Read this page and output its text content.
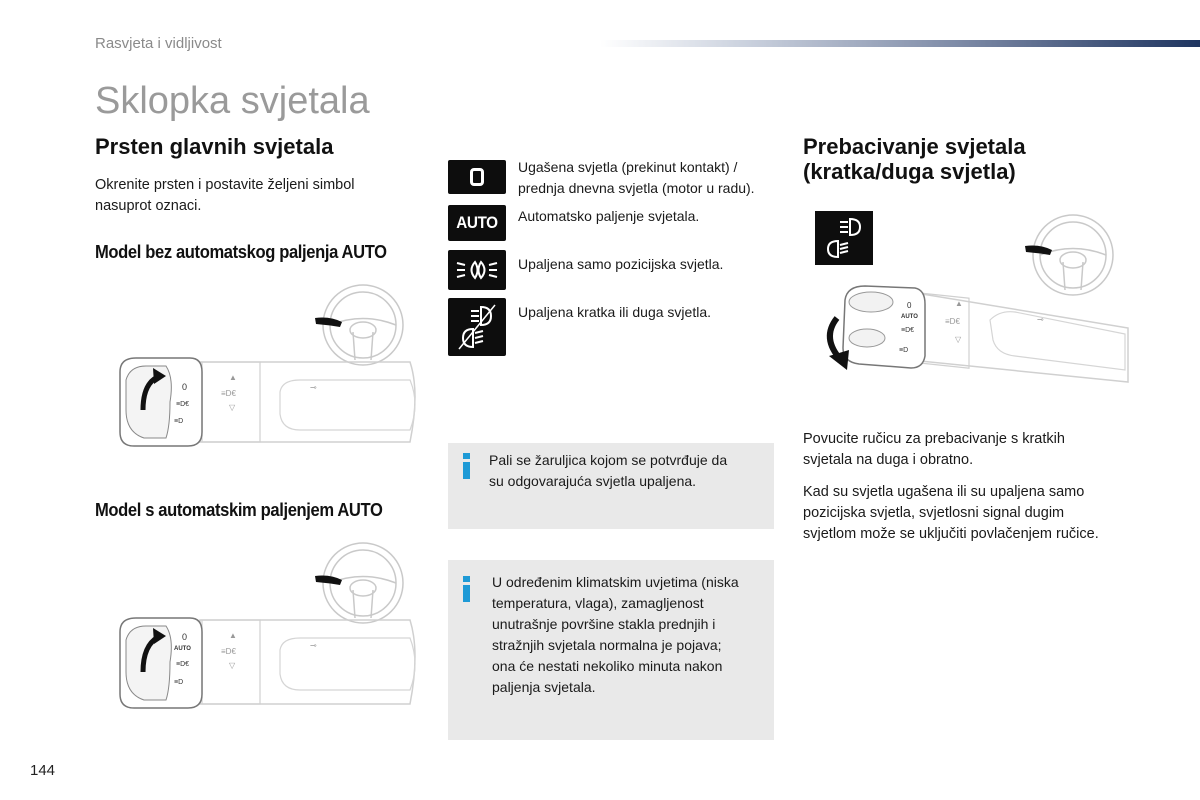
Rasvjeta i vidljivost
Sklopka svjetala
Prsten glavnih svjetala
Okrenite prsten i postavite željeni simbol
nasuprot oznaci.
Model bez automatskog paljenja AUTO
0
≡D€
≡D
▲
≡D€
▽
⊸
Model s automatskim paljenjem AUTO
0
AUTO
≡D€
≡D
▲
≡D€
▽
⊸
Ugašena svjetla (prekinut kontakt) /
prednja dnevna svjetla (motor u radu).
AUTO Automatsko paljenje svjetala.
Upaljena samo pozicijska svjetla.
Upaljena kratka ili duga svjetla.
Pali se žaruljica kojom se potvrđuje da
su odgovarajuća svjetla upaljena.
U određenim klimatskim uvjetima (niska
temperatura, vlaga), zamagljenost
unutrašnje površine stakla prednjih i
stražnjih svjetala normalna je pojava;
ona će nestati nekoliko minuta nakon
paljenja svjetala.
Prebacivanje svjetala
(kratka/duga svjetla)
0
AUTO
≡D€
≡D
▲
≡D€
▽
⊸
Povucite ručicu za prebacivanje s kratkih
svjetala na duga i obratno.
Kad su svjetla ugašena ili su upaljena samo
pozicijska svjetla, svjetlosni signal dugim
svjetlom može se uključiti povlačenjem ručice.
144
